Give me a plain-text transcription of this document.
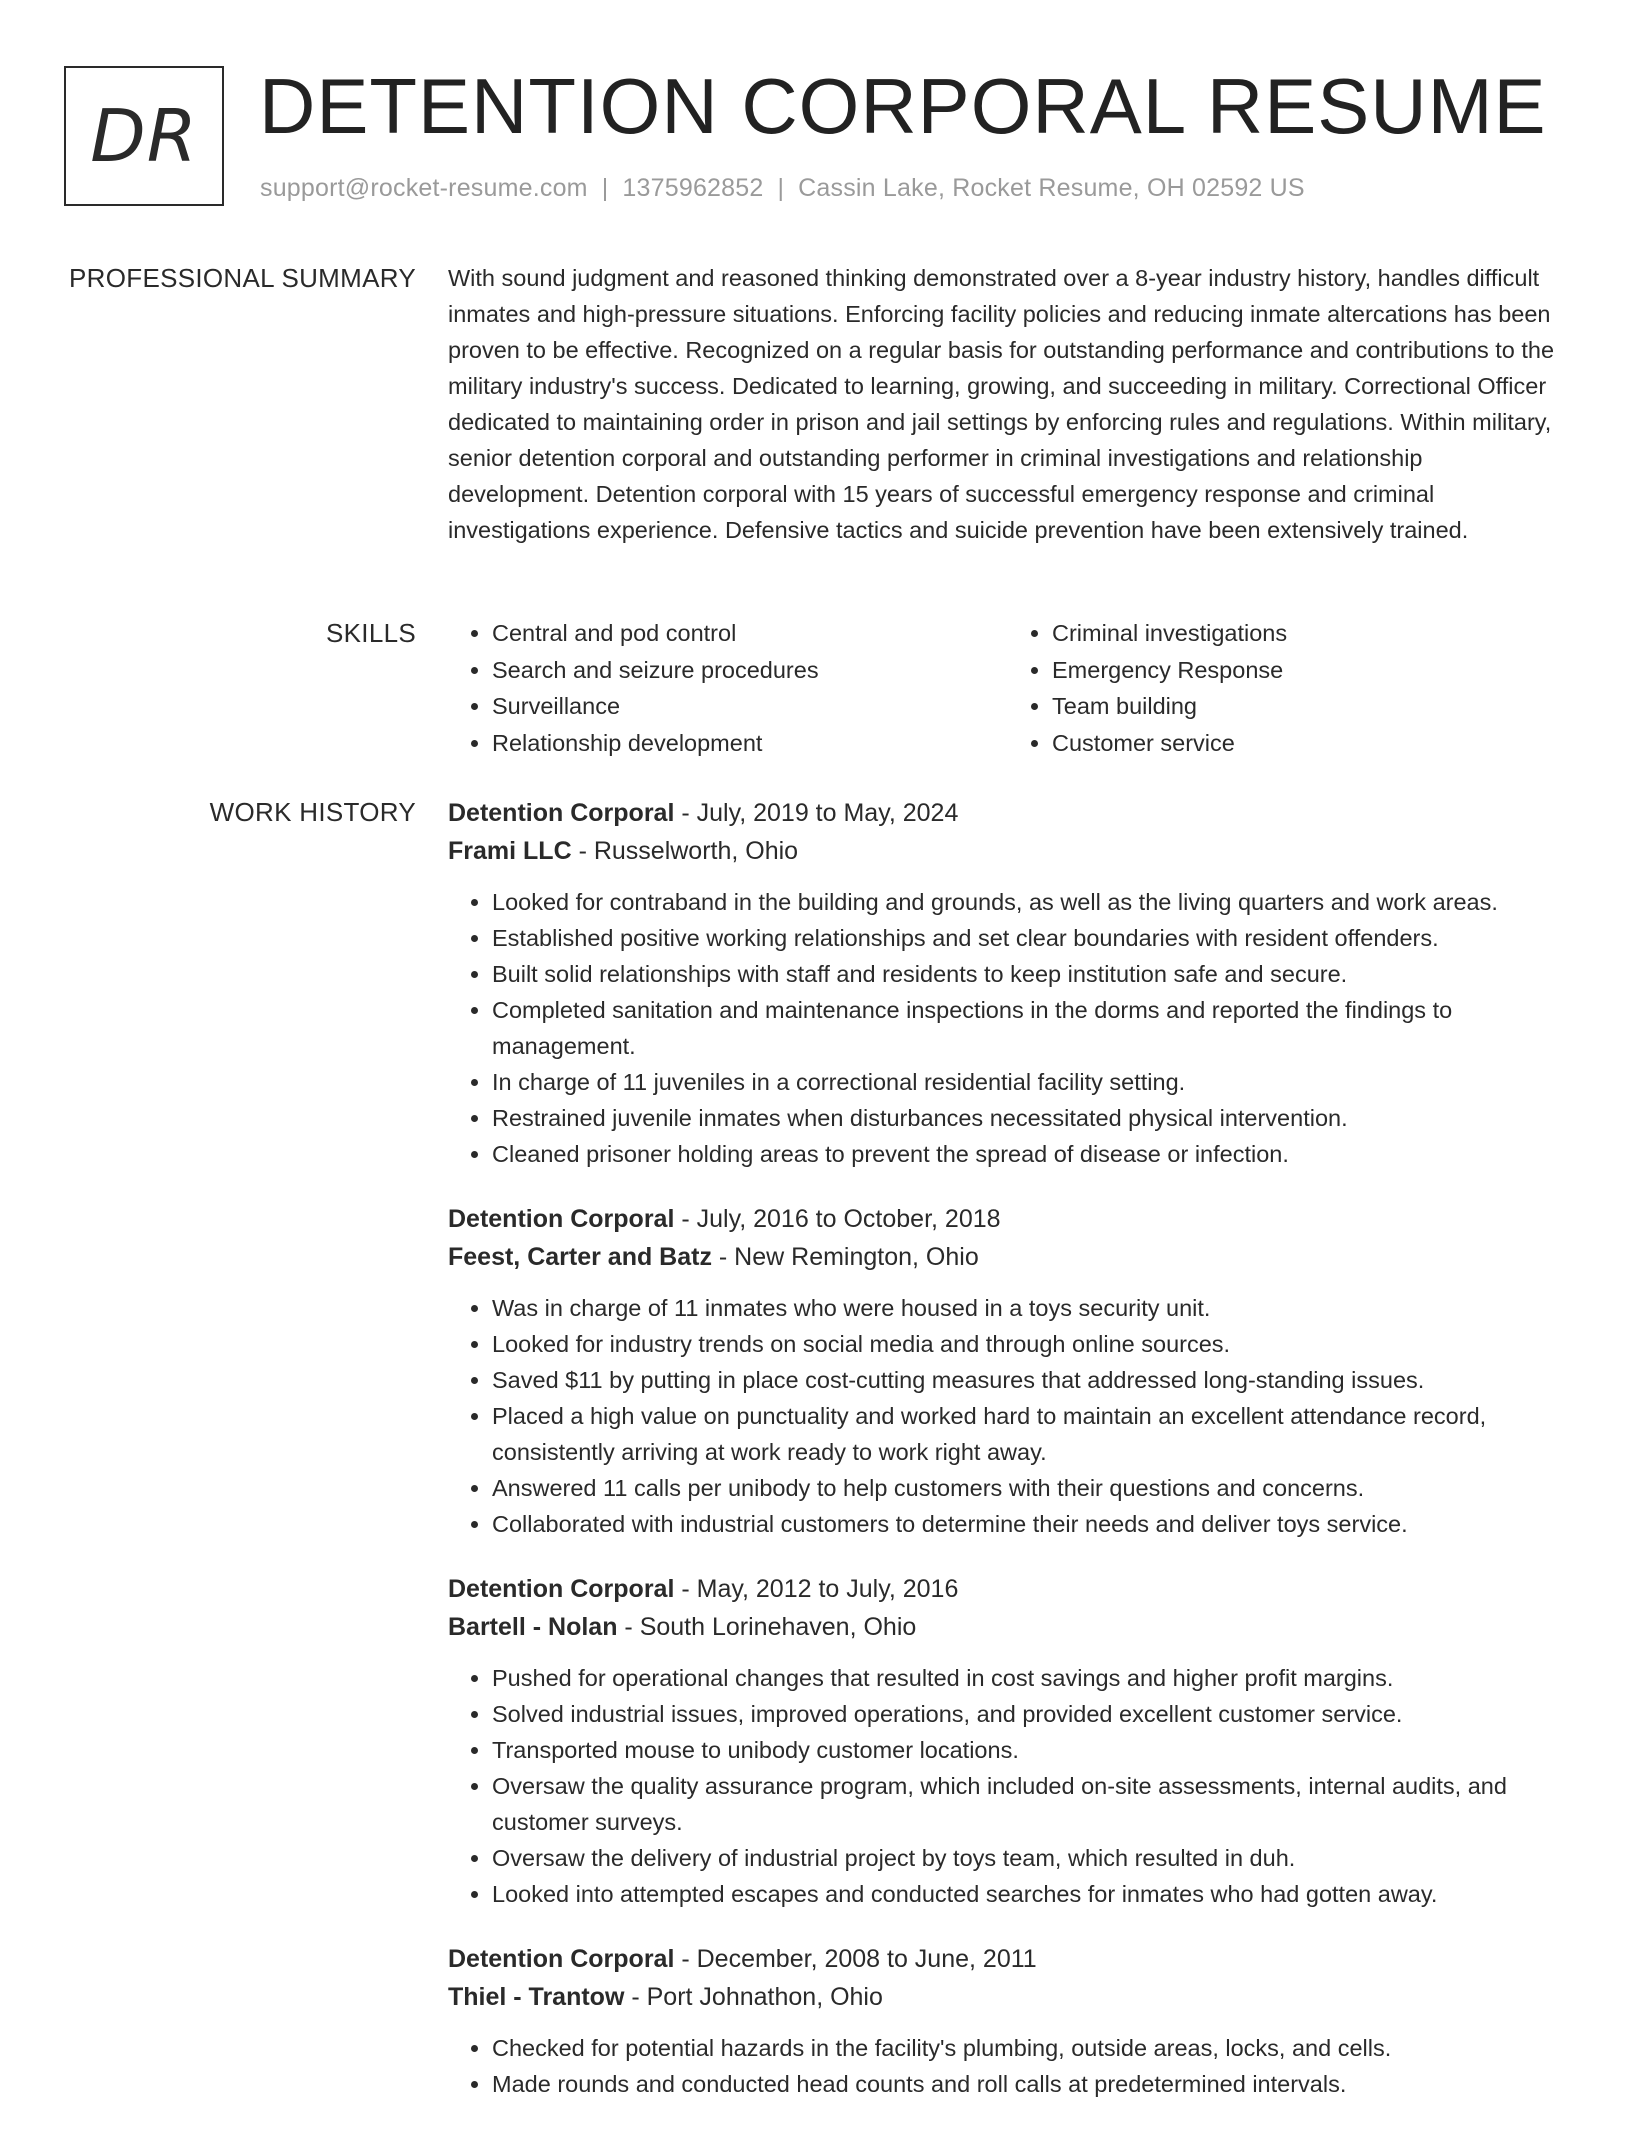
DR DETENTION CORPORAL RESUME
support@rocket-resume.com | 1375962852 | Cassin Lake, Rocket Resume, OH 02592 US
PROFESSIONAL SUMMARY With sound judgment and reasoned thinking demonstrated over a 8-year industry history, handles difficult inmates and high-pressure situations. Enforcing facility policies and reducing inmate altercations has been proven to be effective. Recognized on a regular basis for outstanding performance and contributions to the military industry's success. Dedicated to learning, growing, and succeeding in military. Correctional Officer dedicated to maintaining order in prison and jail settings by enforcing rules and regulations. Within military, senior detention corporal and outstanding performer in criminal investigations and relationship development. Detention corporal with 15 years of successful emergency response and criminal investigations experience. Defensive tactics and suicide prevention have been extensively trained.

SKILLS
•	Central and pod control
• Search and seizure procedures
• Surveillance
• Relationship development
• Criminal investigations
• Emergency Response
• Team building
• Customer service
WORK HISTORY Detention Corporal - July, 2019 to May, 2024
Frami LLC - Russelworth, Ohio
• Looked for contraband in the building and grounds, as well as the living quarters and work areas.
• Established positive working relationships and set clear boundaries with resident offenders.
• Built solid relationships with staff and residents to keep institution safe and secure.
• Completed sanitation and maintenance inspections in the dorms and reported the findings to management.
• In charge of 11 juveniles in a correctional residential facility setting.
• Restrained juvenile inmates when disturbances necessitated physical intervention.
• Cleaned prisoner holding areas to prevent the spread of disease or infection.
Detention Corporal - July, 2016 to October, 2018
Feest, Carter and Batz - New Remington, Ohio
• Was in charge of 11 inmates who were housed in a toys security unit.
• Looked for industry trends on social media and through online sources.
• Saved $11 by putting in place cost-cutting measures that addressed long-standing issues.
• Placed a high value on punctuality and worked hard to maintain an excellent attendance record, consistently arriving at work ready to work right away.
• Answered 11 calls per unibody to help customers with their questions and concerns.
• Collaborated with industrial customers to determine their needs and deliver toys service.
Detention Corporal - May, 2012 to July, 2016
Bartell - Nolan - South Lorinehaven, Ohio
• Pushed for operational changes that resulted in cost savings and higher profit margins.
• Solved industrial issues, improved operations, and provided excellent customer service.
• Transported mouse to unibody customer locations.
• Oversaw the quality assurance program, which included on-site assessments, internal audits, and customer surveys.
• Oversaw the delivery of industrial project by toys team, which resulted in duh.
• Looked into attempted escapes and conducted searches for inmates who had gotten away.
Detention Corporal - December, 2008 to June, 2011
Thiel - Trantow - Port Johnathon, Ohio
• Checked for potential hazards in the facility's plumbing, outside areas, locks, and cells.
• Made rounds and conducted head counts and roll calls at predetermined intervals.
